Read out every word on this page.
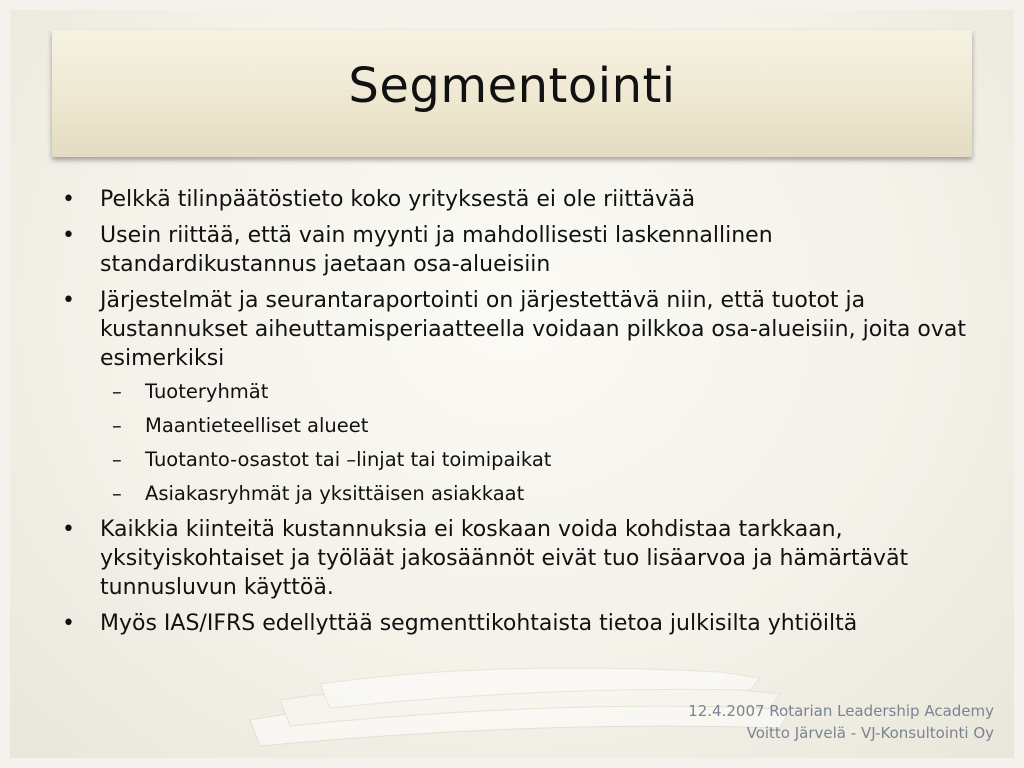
Segmentointi
• Pelkkä tilinpäätöstieto koko yrityksestä ei ole riittävää
• Usein riittää, että vain myynti ja mahdollisesti laskennallinen standardikustannus jaetaan osa-alueisiin
• Järjestelmät ja seurantaraportointi on järjestettävä niin, että tuotot ja kustannukset aiheuttamisperiaatteella voidaan pilkkoa osa-alueisiin, joita ovat esimerkiksi
– Tuoteryhmät
– Maantieteelliset alueet
– Tuotanto-osastot tai –linjat tai toimipaikat
– Asiakasryhmät ja yksittäisen asiakkaat
• Kaikkia kiinteitä kustannuksia ei koskaan voida kohdistaa tarkkaan, yksityiskohtaiset ja työläät jakosäännöt eivät tuo lisäarvoa ja hämärtävät tunnusluvun käyttöä.
• Myös IAS/IFRS edellyttää segmenttikohtaista tietoa julkisilta yhtiöiltä
12.4.2007 Rotarian Leadership Academy
Voitto Järvelä - VJ-Konsultointi Oy
